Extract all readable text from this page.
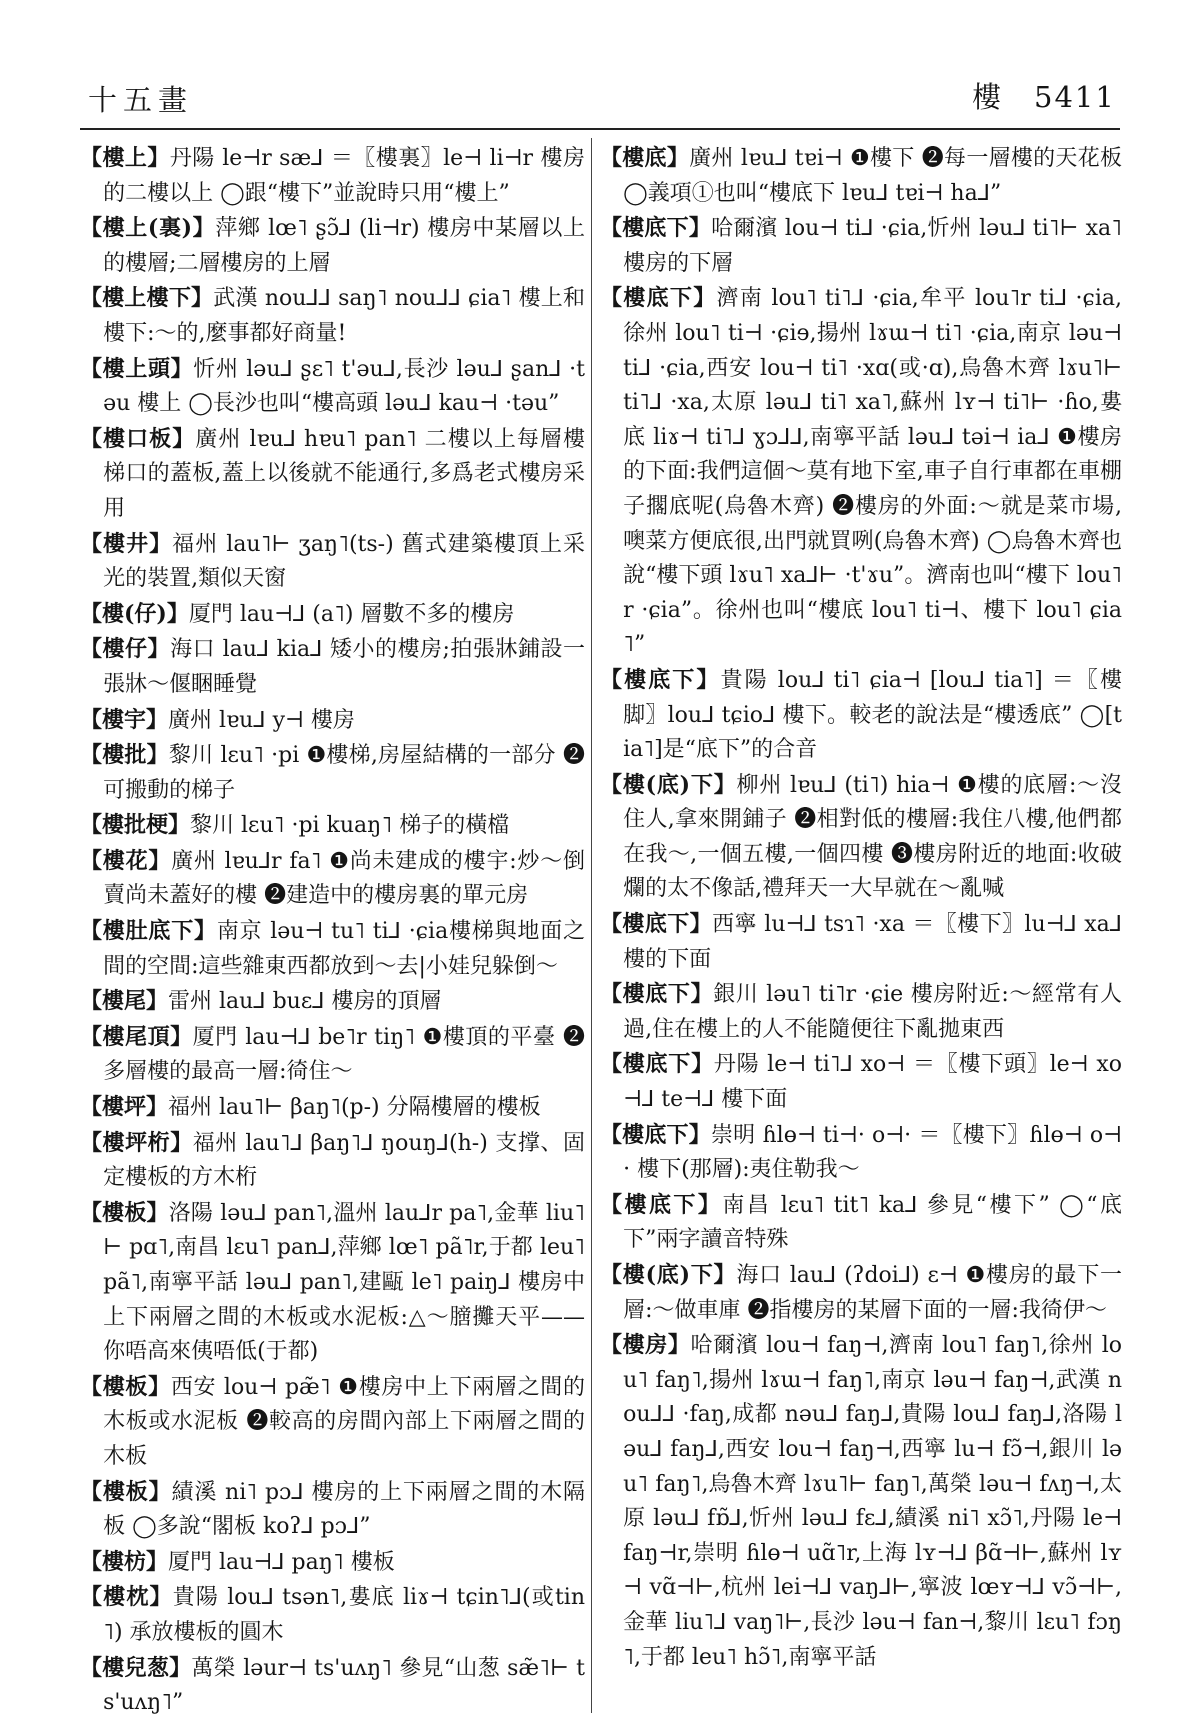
十五畫	樓　5411

【樓上】丹陽 le⊣r sæ⅃ ＝〖樓裏〗le⊣ li⊣r 樓房的二樓以上 ◯跟“樓下”並說時只用“樓上”

【樓上(裏)】萍鄉 lœ˥ ʂɔ̃⅃ (li⊣r) 樓房中某層以上的樓層;二層樓房的上層

【樓上樓下】武漢 nou⅃⅃ saŋ˥ nou⅃⅃ ɕia˥ 樓上和樓下:～的,麼事都好商量!

【樓上頭】忻州 ləu⅃ ʂɛ˥ t'əu⅃,長沙 ləu⅃ ʂan⅃ ·təu 樓上 ◯長沙也叫“樓高頭 ləu⅃ kau⊣ ·təu”

【樓口板】廣州 lɐu⅃ hɐu˥ pan˥ 二樓以上每層樓梯口的蓋板,蓋上以後就不能通行,多爲老式樓房采用

【樓井】福州 lau˥⊢ ʒaŋ˥(ts-) 舊式建築樓頂上采光的裝置,類似天窗

【樓(仔)】厦門 lau⊣⅃ (a˥) 層數不多的樓房

【樓仔】海口 lau⅃ kia⅃ 矮小的樓房;拍張牀鋪設一張牀～偃睏睡覺

【樓宇】廣州 lɐu⅃ y⊣ 樓房

【樓批】黎川 lɛu˥ ·pi ❶樓梯,房屋結構的一部分 ❷可搬動的梯子

【樓批梗】黎川 lɛu˥ ·pi kuaŋ˥ 梯子的橫檔

【樓花】廣州 lɐu⅃r fa˥ ❶尚未建成的樓宇:炒～倒賣尚未蓋好的樓 ❷建造中的樓房裏的單元房

【樓肚底下】南京 ləu⊣ tu˥ ti⅃ ·ɕia樓梯與地面之間的空間:這些雜東西都放到～去|小娃兒躲倒～

【樓尾】雷州 lau⅃ buɛ⅃ 樓房的頂層

【樓尾頂】厦門 lau⊣⅃ be˥r tiŋ˥ ❶樓頂的平臺 ❷多層樓的最高一層:徛住～

【樓坪】福州 lau˥⊢ βaŋ˥(p-) 分隔樓層的樓板

【樓坪桁】福州 lau˥⅃ βaŋ˥⅃ ŋouŋ⅃(h-) 支撑、固定樓板的方木桁

【樓板】洛陽 ləu⅃ pan˥,溫州 lau⅃r pa˥,金華 liu˥⊢ pɑ˥,南昌 lɛu˥ pan⅃,萍鄉 lœ˥ pã˥r,于都 leu˥ pã˥,南寧平話 ləu⅃ pan˥,建甌 le˥ paiŋ⅃ 樓房中上下兩層之間的木板或水泥板:△～膪攤天平——你唔高來侇唔低(于都)

【樓板】西安 lou⊣ pæ̃˥ ❶樓房中上下兩層之間的木板或水泥板 ❷較高的房間內部上下兩層之間的木板

【樓板】績溪 ni˥ pɔ⅃ 樓房的上下兩層之間的木隔板 ◯多說“閣板 koʔ⅃ pɔ⅃”

【樓枋】厦門 lau⊣⅃ paŋ˥ 樓板

【樓枕】貴陽 lou⅃ tsən˥,婁底 liɤ⊣ tɕin˥⅃(或tin˥) 承放樓板的圓木

【樓兒葱】萬榮 ləur⊣ ts'uʌŋ˥ 參見“山葱 sæ̃˥⊢ ts'uʌŋ˥”

【樓底】廣州 lɐu⅃ tɐi⊣ ❶樓下 ❷每一層樓的天花板 ◯義項①也叫“樓底下 lɐu⅃ tɐi⊣ ha⅃”

【樓底下】哈爾濱 lou⊣ ti⅃ ·ɕia,忻州 ləu⅃ ti˥⊢ xa˥ 樓房的下層

【樓底下】濟南 lou˥ ti˥⅃ ·ɕia,牟平 lou˥r ti⅃ ·ɕia,徐州 lou˥ ti⊣ ·ɕiɘ,揚州 lɤɯ⊣ ti˥ ·ɕia,南京 ləu⊣ ti⅃ ·ɕia,西安 lou⊣ ti˥ ·xɑ(或·ɑ),烏魯木齊 lɤu˥⊢ ti˥⅃ ·xa,太原 ləu⅃ ti˥ xa˥,蘇州 lʏ⊣ ti˥⊢ ·ɦo,婁底 liɤ⊣ ti˥⅃ ɣɔ⅃⅃,南寧平話 ləu⅃ təi⊣ ia⅃ ❶樓房的下面:我們這個～莫有地下室,車子自行車都在車棚子擱底呢(烏魯木齊) ❷樓房的外面:～就是菜市場,噢菜方便底很,出門就買咧(烏魯木齊) ◯烏魯木齊也說“樓下頭 lɤu˥ xa⅃⊢ ·t'ɤu”。濟南也叫“樓下 lou˥r ·ɕia”。徐州也叫“樓底 lou˥ ti⊣、樓下 lou˥ ɕia˥”

【樓底下】貴陽 lou⅃ ti˥ ɕia⊣ [lou⅃ tia˥] ＝〖樓脚〗lou⅃ tɕio⅃ 樓下。較老的說法是“樓透底” ◯[tia˥]是“底下”的合音

【樓(底)下】柳州 lɐu⅃ (ti˥) hia⊣ ❶樓的底層:～沒住人,拿來開鋪子 ❷相對低的樓層:我住八樓,他們都在我～,一個五樓,一個四樓 ❸樓房附近的地面:收破爛的太不像話,禮拜天一大早就在～亂喊

【樓底下】西寧 lu⊣⅃ tsɿ˥ ·xa ＝〖樓下〗lu⊣⅃ xa⅃ 樓的下面

【樓底下】銀川 ləu˥ ti˥r ·ɕie 樓房附近:～經常有人過,住在樓上的人不能隨便往下亂拋東西

【樓底下】丹陽 le⊣ ti˥⅃ xo⊣ ＝〖樓下頭〗le⊣ xo⊣⅃ te⊣⅃ 樓下面

【樓底下】崇明 ɦlɵ⊣ ti⊣· o⊣· ＝〖樓下〗ɦlɵ⊣ o⊣· 樓下(那層):夷住勒我～

【樓底下】南昌 lɛu˥ tit˥ ka⅃ 參見“樓下” ◯“底下”兩字讀音特殊

【樓(底)下】海口 lau⅃ (ʔdoi⅃) ɛ⊣ ❶樓房的最下一層:～做車庫 ❷指樓房的某層下面的一層:我徛伊～

【樓房】哈爾濱 lou⊣ faŋ⊣,濟南 lou˥ faŋ˥,徐州 lou˥ faŋ˥,揚州 lɤɯ⊣ faŋ˥,南京 ləu⊣ faŋ⊣,武漢 nou⅃⅃ ·faŋ,成都 nəu⅃ faŋ⅃,貴陽 lou⅃ faŋ⅃,洛陽 ləu⅃ faŋ⅃,西安 lou⊣ faŋ⊣,西寧 lu⊣ fɔ̃⊣,銀川 ləu˥ faŋ˥,烏魯木齊 lɤu˥⊢ faŋ˥,萬榮 ləu⊣ fʌŋ⊣,太原 ləu⅃ fɒ̃⅃,忻州 ləu⅃ fɛ⅃,績溪 ni˥ xɔ̃˥,丹陽 le⊣ faŋ⊣r,崇明 ɦlɵ⊣ uɑ̃˥r,上海 lʏ⊣⅃ βɑ̃⊣⊢,蘇州 lʏ⊣ vɑ̃⊣⊢,杭州 lei⊣⅃ vaŋ⅃⊢,寧波 lœʏ⊣⅃ vɔ̃⊣⊢,金華 liu˥⅃ vaŋ˥⊢,長沙 ləu⊣ fan⊣,黎川 lɛu˥ fɔŋ˥,于都 leu˥ hɔ̃˥,南寧平話
